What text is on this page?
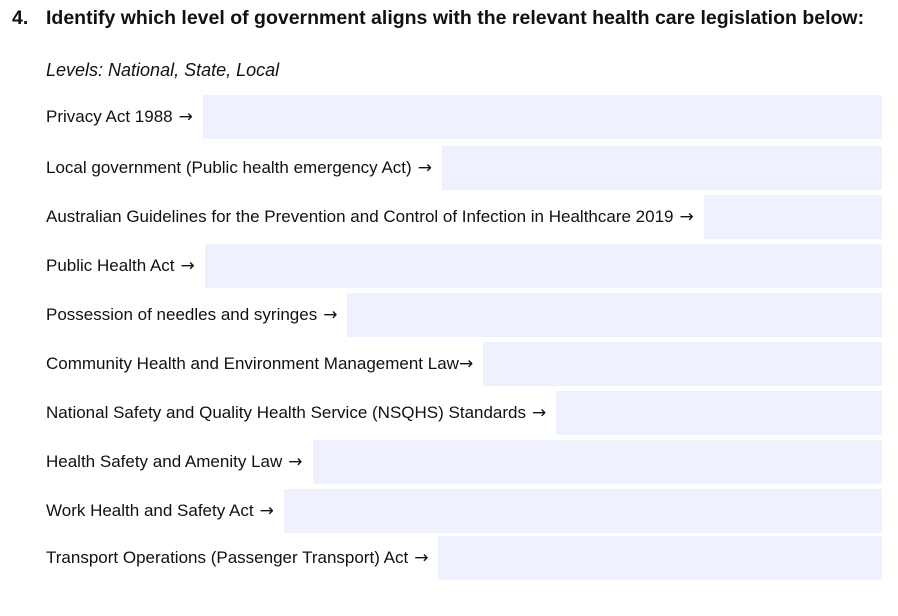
4. Identify which level of government aligns with the relevant health care legislation below:
Levels: National, State, Local
Privacy Act 1988 →
Local government (Public health emergency Act) →
Australian Guidelines for the Prevention and Control of Infection in Healthcare 2019 →
Public Health Act →
Possession of needles and syringes →
Community Health and Environment Management Law →
National Safety and Quality Health Service (NSQHS) Standards →
Health Safety and Amenity Law →
Work Health and Safety Act →
Transport Operations (Passenger Transport) Act →
